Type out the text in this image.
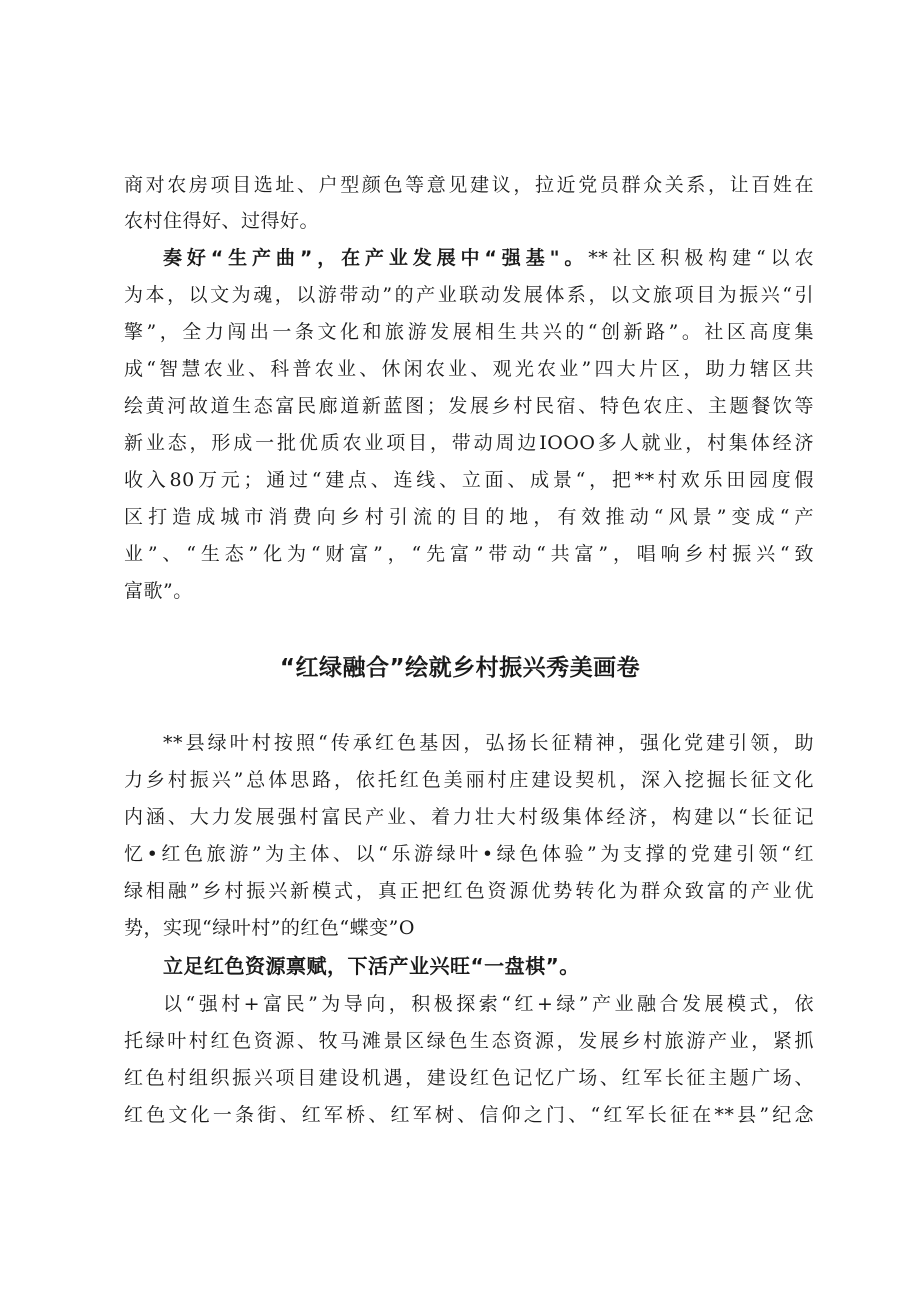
商对农房项目选址、户型颜色等意见建议，拉近党员群众关系，让百姓在
农村住得好、过得好。
奏好“生产曲”，在产业发展中“强基"。**社区积极构建“以农
为本，以文为魂，以游带动”的产业联动发展体系，以文旅项目为振兴“引
擎”，全力闯出一条文化和旅游发展相生共兴的“创新路”。社区高度集
成“智慧农业、科普农业、休闲农业、观光农业”四大片区，助力辖区共
绘黄河故道生态富民廊道新蓝图；发展乡村民宿、特色农庄、主题餐饮等
新业态，形成一批优质农业项目，带动周边IOOO多人就业，村集体经济
收入80万元；通过“建点、连线、立面、成景“，把**村欢乐田园度假
区打造成城市消费向乡村引流的目的地，有效推动“风景”变成“产
业”、“生态”化为“财富”，“先富”带动“共富”，唱响乡村振兴“致
富歌”。
“红绿融合”绘就乡村振兴秀美画卷
**县绿叶村按照“传承红色基因，弘扬长征精神，强化党建引领，助
力乡村振兴”总体思路，依托红色美丽村庄建设契机，深入挖掘长征文化
内涵、大力发展强村富民产业、着力壮大村级集体经济，构建以“长征记
忆•红色旅游”为主体、以“乐游绿叶•绿色体验”为支撑的党建引领“红
绿相融”乡村振兴新模式，真正把红色资源优势转化为群众致富的产业优
势，实现“绿叶村”的红色“蝶变”O
立足红色资源禀赋，下活产业兴旺“一盘棋”。
以“强村+富民”为导向，积极探索“红+绿”产业融合发展模式，依
托绿叶村红色资源、牧马滩景区绿色生态资源，发展乡村旅游产业，紧抓
红色村组织振兴项目建设机遇，建设红色记忆广场、红军长征主题广场、
红色文化一条街、红军桥、红军树、信仰之门、“红军长征在**县”纪念
